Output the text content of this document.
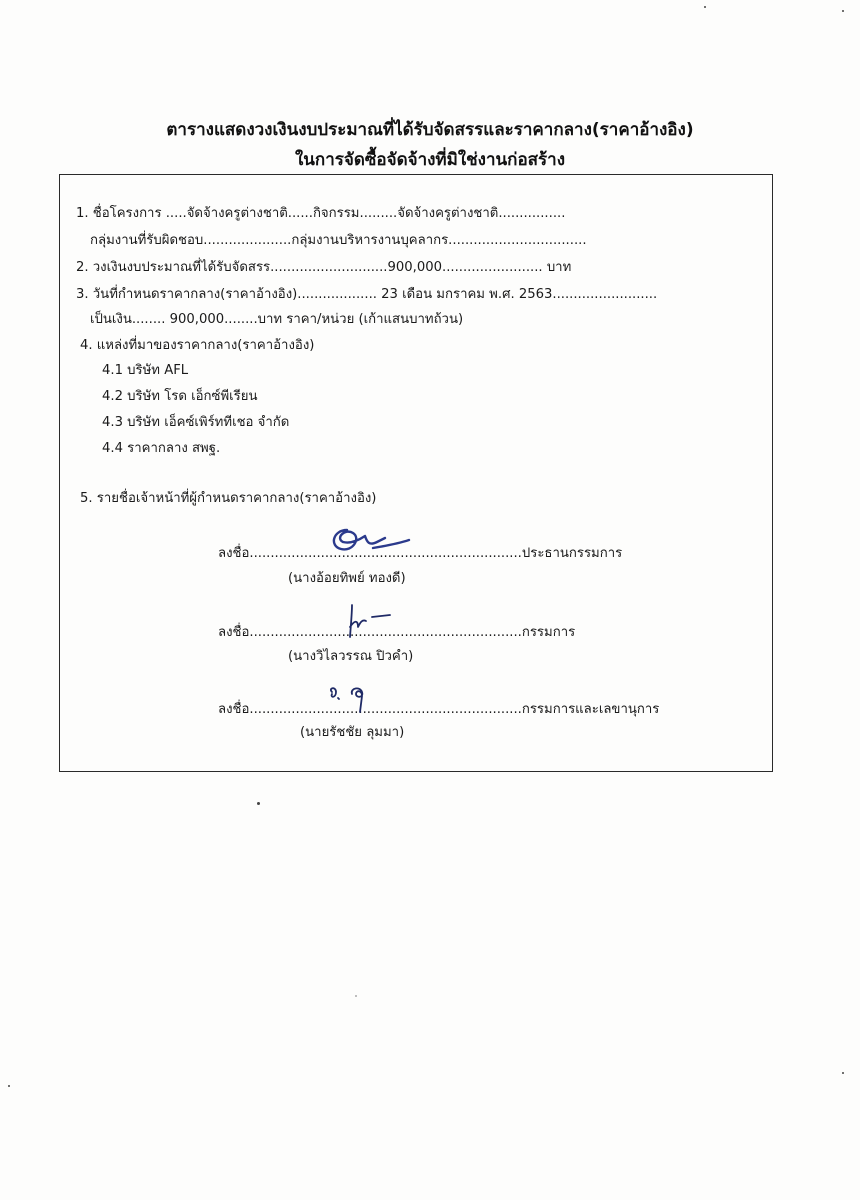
ตารางแสดงวงเงินงบประมาณที่ได้รับจัดสรรและราคากลาง(ราคาอ้างอิง)
ในการจัดซื้อจัดจ้างที่มิใช่งานก่อสร้าง
1. ชื่อโครงการ .....จัดจ้างครูต่างชาติ......กิจกรรม.........จัดจ้างครูต่างชาติ................
กลุ่มงานที่รับผิดชอบ.....................กลุ่มงานบริหารงานบุคลากร.................................
2. วงเงินงบประมาณที่ได้รับจัดสรร............................900,000........................ บาท
3. วันที่กำหนดราคากลาง(ราคาอ้างอิง)................... 23 เดือน มกราคม พ.ศ. 2563.........................
เป็นเงิน........ 900,000........บาท ราคา/หน่วย (เก้าแสนบาทถ้วน)
4. แหล่งที่มาของราคากลาง(ราคาอ้างอิง)
4.1 บริษัท AFL
4.2 บริษัท โรด เอ็กซ์พีเรียน
4.3 บริษัท เอ็คซ์เพิร์ททีเชอ จำกัด
4.4 ราคากลาง สพฐ.
5. รายชื่อเจ้าหน้าที่ผู้กำหนดราคากลาง(ราคาอ้างอิง)
ลงชื่อ.................................................................ประธานกรรมการ
(นางอ้อยทิพย์ ทองดี)
ลงชื่อ.................................................................กรรมการ
(นางวิไลวรรณ ปิวคำ)
ลงชื่อ.................................................................กรรมการและเลขานุการ
(นายรัชชัย ลุมมา)
